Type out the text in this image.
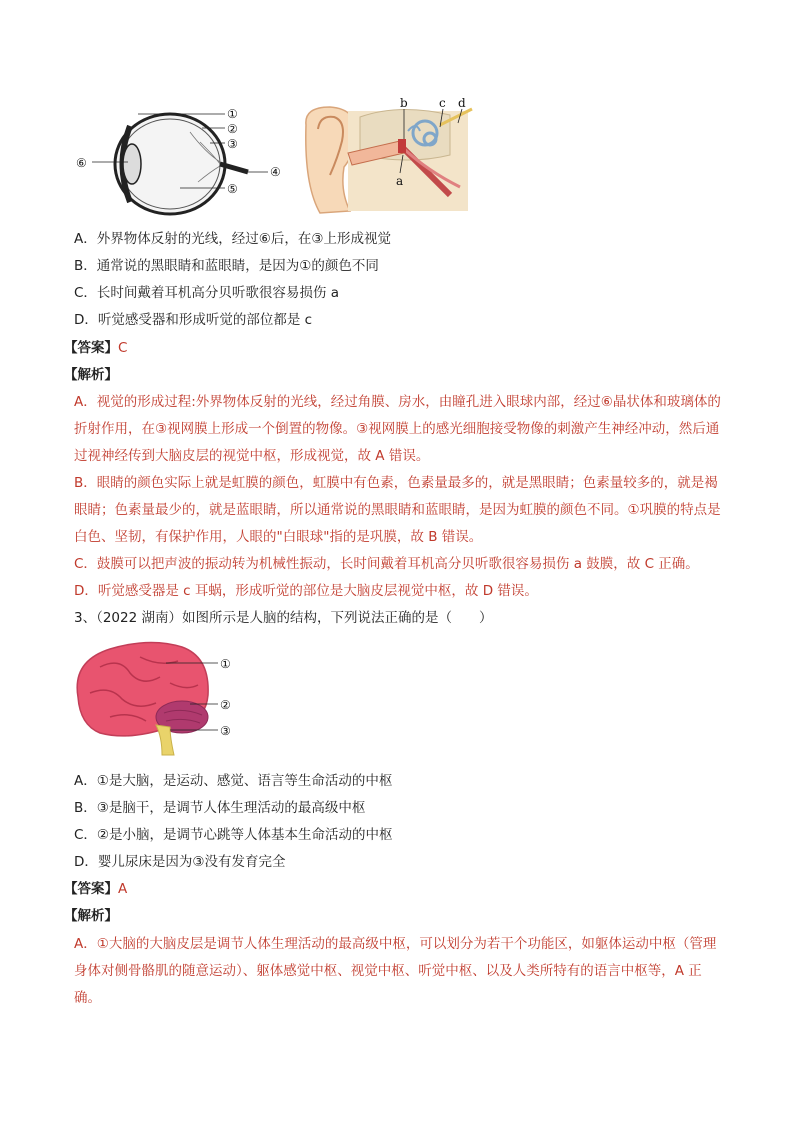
①
②
③
④
⑤
⑥
b
a
c d
A．外界物体反射的光线，经过⑥后，在③上形成视觉
B．通常说的黑眼睛和蓝眼睛，是因为①的颜色不同
C．长时间戴着耳机高分贝听歌很容易损伤 a
D．听觉感受器和形成听觉的部位都是 c
【答案】C
【解析】
A．视觉的形成过程:外界物体反射的光线，经过角膜、房水，由瞳孔进入眼球内部，经过⑥晶状体和玻璃体的折射作用，在③视网膜上形成一个倒置的物像。③视网膜上的感光细胞接受物像的刺激产生神经冲动，然后通过视神经传到大脑皮层的视觉中枢，形成视觉，故 A 错误。
B．眼睛的颜色实际上就是虹膜的颜色，虹膜中有色素，色素量最多的，就是黑眼睛；色素量较多的，就是褐眼睛；色素量最少的，就是蓝眼睛，所以通常说的黑眼睛和蓝眼睛，是因为虹膜的颜色不同。①巩膜的特点是白色、坚韧，有保护作用，人眼的"白眼球"指的是巩膜，故 B 错误。
C．鼓膜可以把声波的振动转为机械性振动，长时间戴着耳机高分贝听歌很容易损伤 a 鼓膜，故 C 正确。
D．听觉感受器是 c 耳蜗，形成听觉的部位是大脑皮层视觉中枢，故 D 错误。
3、（2022 湖南）如图所示是人脑的结构，下列说法正确的是（　　）
①
②
③
A．①是大脑，是运动、感觉、语言等生命活动的中枢
B．③是脑干，是调节人体生理活动的最高级中枢
C．②是小脑，是调节心跳等人体基本生命活动的中枢
D．婴儿尿床是因为③没有发育完全
【答案】A
【解析】
A．①大脑的大脑皮层是调节人体生理活动的最高级中枢，可以划分为若干个功能区，如躯体运动中枢（管理身体对侧骨骼肌的随意运动）、躯体感觉中枢、视觉中枢、听觉中枢、以及人类所特有的语言中枢等，A 正确。
